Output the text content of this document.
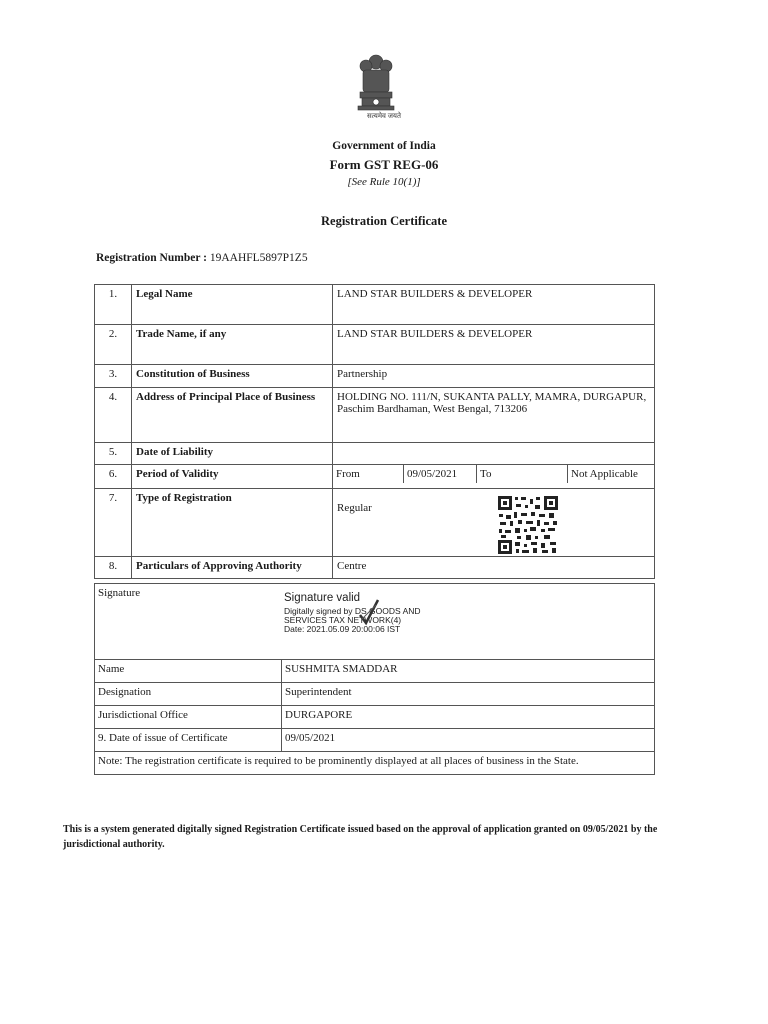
सत्यमेव जयते
Government of India
Form GST REG-06
[See Rule 10(1)]
Registration Certificate
Registration Number : 19AAHFL5897P1Z5
1.	Legal Name	LAND STAR BUILDERS & DEVELOPER
2.	Trade Name, if any	LAND STAR BUILDERS & DEVELOPER
3.	Constitution of Business	Partnership
4.	Address of Principal Place of Business	HOLDING NO. 111/N, SUKANTA PALLY, MAMRA, DURGAPUR, Paschim Bardhaman, West Bengal, 713206
5.	Date of Liability	
6.	Period of Validity		From	09/05/2021	To	Not Applicable

7.	Type of Registration	Regular
8.	Particulars of Approving Authority	Centre
Signature	
Name	SUSHMITA SMADDAR
Designation	Superintendent
Jurisdictional Office	DURGAPORE
9. Date of issue of Certificate	09/05/2021
Note: The registration certificate is required to be prominently displayed at all places of business in the State.	
Signature valid
Digitally signed by DS GOODS AND
SERVICES TAX NETWORK(4)
Date: 2021.05.09 20:00:06 IST
This is a system generated digitally signed Registration Certificate issued based on the approval of application granted on 09/05/2021 by the jurisdictional authority.
